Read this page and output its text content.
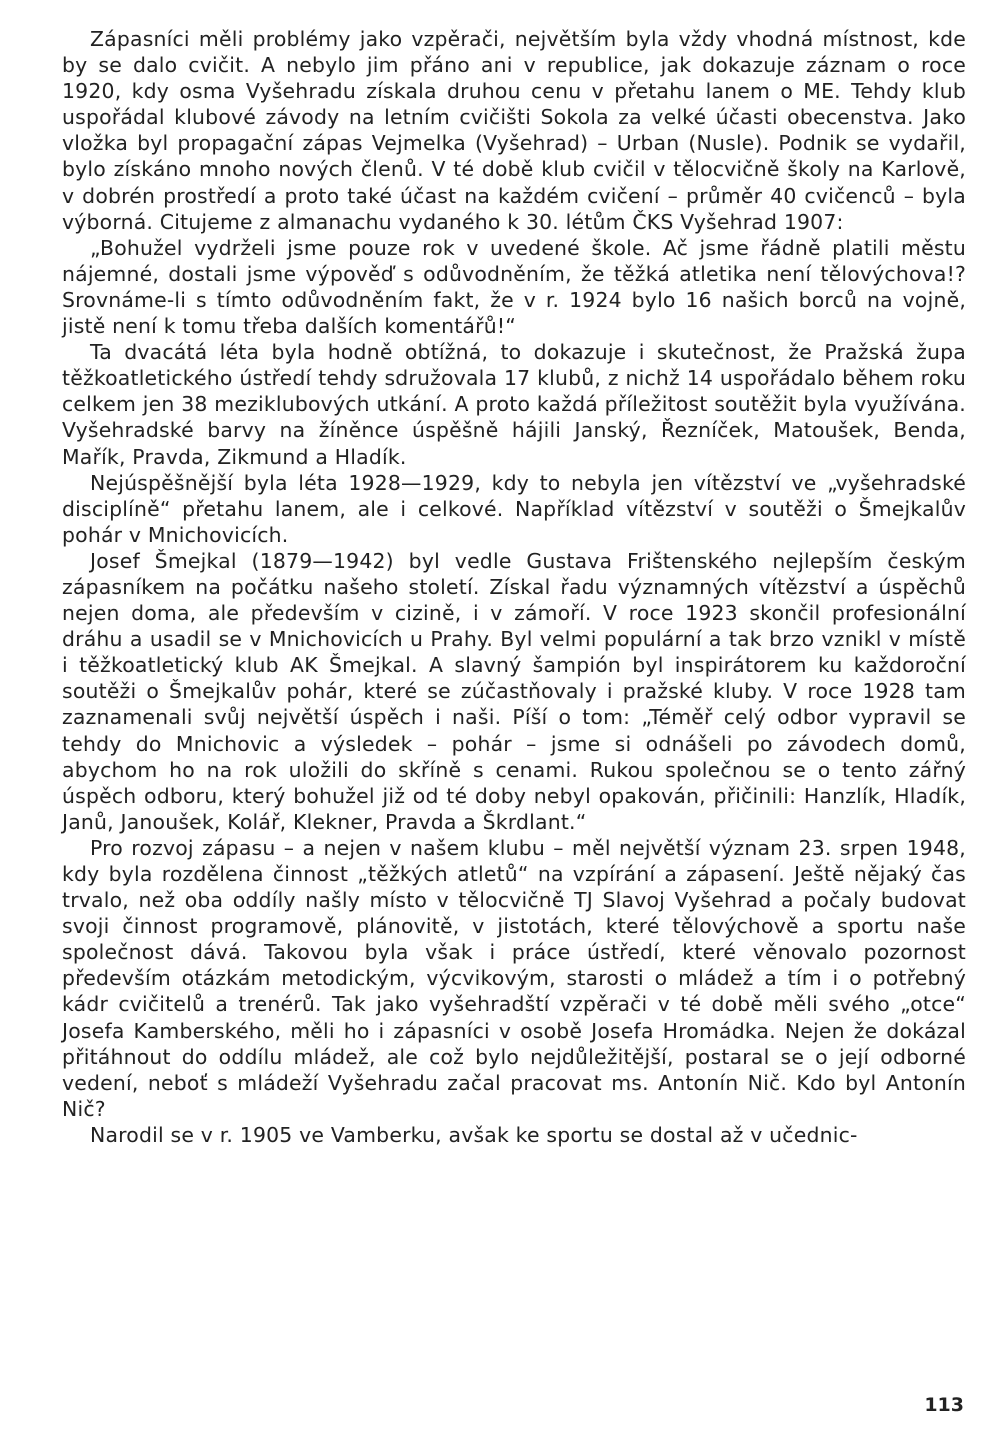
Zápasníci měli problémy jako vzpěrači, největším byla vždy vhodná místnost, kde by se dalo cvičit. A nebylo jim přáno ani v republice, jak dokazuje záznam o roce 1920, kdy osma Vyšehradu získala druhou cenu v přetahu lanem o ME. Tehdy klub uspořádal klubové závody na letním cvičišti Sokola za velké účasti obecenstva. Jako vložka byl propagační zápas Vejmelka (Vyšehrad) – Urban (Nusle). Podnik se vydařil, bylo získáno mnoho nových členů. V té době klub cvičil v tělocvičně školy na Karlově, v dobrén prostředí a proto také účast na každém cvičení – průměr 40 cvičenců – byla výborná. Citujeme z almanachu vydaného k 30. létům ČKS Vyšehrad 1907:

„Bohužel vydrželi jsme pouze rok v uvedené škole. Ač jsme řádně platili městu nájemné, dostali jsme výpověď s odůvodněním, že těžká atletika není tělovýchova!? Srovnáme-li s tímto odůvodněním fakt, že v r. 1924 bylo 16 našich borců na vojně, jistě není k tomu třeba dalších komentářů!“

Ta dvacátá léta byla hodně obtížná, to dokazuje i skutečnost, že Pražská župa těžkoatletického ústředí tehdy sdružovala 17 klubů, z nichž 14 uspořádalo během roku celkem jen 38 meziklubových utkání. A proto každá příležitost soutěžit byla využívána. Vyšehradské barvy na žíněnce úspěšně hájili Janský, Řezníček, Matoušek, Benda, Mařík, Pravda, Zikmund a Hladík.

Nejúspěšnější byla léta 1928—1929, kdy to nebyla jen vítězství ve „vyšehradské disciplíně“ přetahu lanem, ale i celkové. Například vítězství v soutěži o Šmejkalův pohár v Mnichovicích.

Josef Šmejkal (1879—1942) byl vedle Gustava Frištenského nejlepším českým zápasníkem na počátku našeho století. Získal řadu významných vítězství a úspěchů nejen doma, ale především v cizině, i v zámoří. V roce 1923 skončil profesionální dráhu a usadil se v Mnichovicích u Prahy. Byl velmi populární a tak brzo vznikl v místě i těžkoatletický klub AK Šmejkal. A slavný šampión byl inspirátorem ku každoroční soutěži o Šmejkalův pohár, které se zúčastňovaly i pražské kluby. V roce 1928 tam zaznamenali svůj největší úspěch i naši. Píší o tom: „Téměř celý odbor vypravil se tehdy do Mnichovic a výsledek – pohár – jsme si odnášeli po závodech domů, abychom ho na rok uložili do skříně s cenami. Rukou společnou se o tento zářný úspěch odboru, který bohužel již od té doby nebyl opakován, přičinili: Hanzlík, Hladík, Janů, Janoušek, Kolář, Klekner, Pravda a Škrdlant.“

Pro rozvoj zápasu – a nejen v našem klubu – měl největší význam 23. srpen 1948, kdy byla rozdělena činnost „těžkých atletů“ na vzpírání a zápasení. Ještě nějaký čas trvalo, než oba oddíly našly místo v tělocvičně TJ Slavoj Vyšehrad a počaly budovat svoji činnost programově, plánovitě, v jistotách, které tělovýchově a sportu naše společnost dává. Takovou byla však i práce ústředí, které věnovalo pozornost především otázkám metodickým, výcvikovým, starosti o mládež a tím i o potřebný kádr cvičitelů a trenérů. Tak jako vyšehradští vzpěrači v té době měli svého „otce“ Josefa Kamberského, měli ho i zápasníci v osobě Josefa Hromádka. Nejen že dokázal přitáhnout do oddílu mládež, ale což bylo nejdůležitější, postaral se o její odborné vedení, neboť s mládeží Vyšehradu začal pracovat ms. Antonín Nič. Kdo byl Antonín Nič?

Narodil se v r. 1905 ve Vamberku, avšak ke sportu se dostal až v učednic-

113
